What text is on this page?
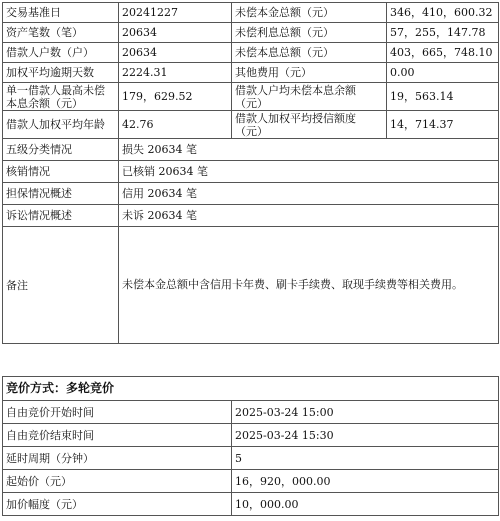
交易基准日	20241227	未偿本金总额（元）	346，410，600.32
资产笔数（笔）	20634	未偿利息总额（元）	57，255，147.78
借款人户数（户）	20634	未偿本息总额（元）	403，665，748.10
加权平均逾期天数	2224.31	其他费用（元）	0.00
单一借款人最高未偿本息余额（元）	179，629.52	借款人户均未偿本息余额（元）	19，563.14
借款人加权平均年龄	42.76	借款人加权平均授信额度（元）	14，714.37
五级分类情况	损失 20634 笔		
核销情况	已核销 20634 笔		
担保情况概述	信用 20634 笔		
诉讼情况概述	未诉 20634 笔		
备注	未偿本金总额中含信用卡年费、刷卡手续费、取现手续费等相关费用。		
竞价方式：多轮竞价	
自由竞价开始时间	2025-03-24 15:00
自由竞价结束时间	2025-03-24 15:30
延时周期（分钟）	5
起始价（元）	16，920，000.00
加价幅度（元）	10，000.00
